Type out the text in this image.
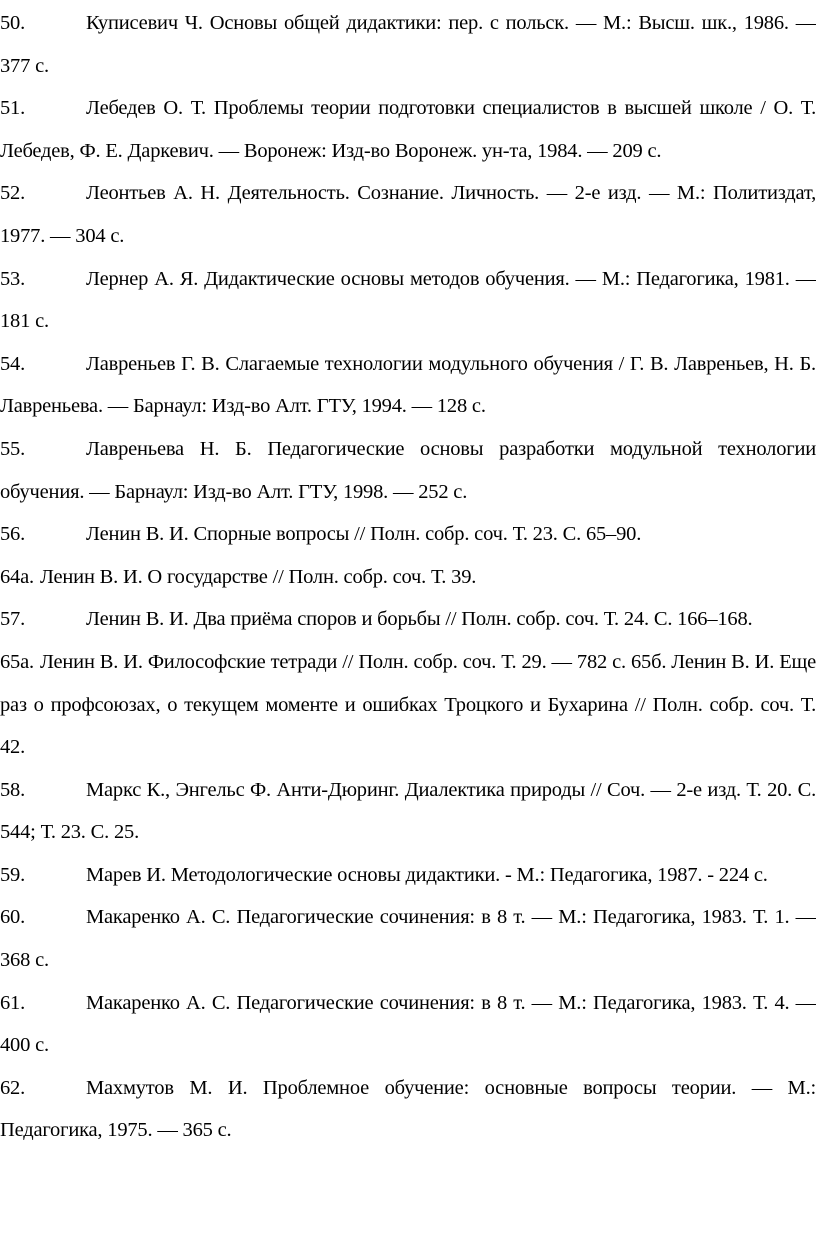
50.	Куписевич Ч. Основы общей дидактики: пер. с польск. — М.: Высш. шк., 1986. — 377 с.

51.	Лебедев О. Т. Проблемы теории подготовки специалистов в высшей школе / О. Т. Лебедев, Ф. Е. Даркевич. — Воронеж: Изд-во Воронеж. ун-та, 1984. — 209 с.

52.	Леонтьев А. Н. Деятельность. Сознание. Личность. — 2-е изд. — М.: Политиздат, 1977. — 304 с.

53.	Лернер А. Я. Дидактические основы методов обучения. — М.: Педагогика, 1981. — 181 с.

54.	Лавреньев Г. В. Слагаемые технологии модульного обучения / Г. В. Лавреньев, Н. Б. Лавреньева. — Барнаул: Изд-во Алт. ГТУ, 1994. — 128 с.

55.	Лавреньева Н. Б. Педагогические основы разработки модульной технологии обучения. — Барнаул: Изд-во Алт. ГТУ, 1998. — 252 с.

56.	Ленин В. И. Спорные вопросы // Полн. собр. соч. Т. 23. С. 65–90.

64а. Ленин В. И. О государстве // Полн. собр. соч. Т. 39.

57.	Ленин В. И. Два приёма споров и борьбы // Полн. собр. соч. Т. 24. С. 166–168.

65а. Ленин В. И. Философские тетради // Полн. собр. соч. Т. 29. — 782 с. 65б. Ленин В. И. Еще раз о профсоюзах, о текущем моменте и ошибках Троцкого и Бухарина // Полн. собр. соч. Т. 42.

58.	Маркс К., Энгельс Ф. Анти-Дюринг. Диалектика природы // Соч. — 2-е изд. Т. 20. С. 544; Т. 23. С. 25.

59.	Марев И. Методологические основы дидактики. - М.: Педагогика, 1987. - 224 с.

60.	Макаренко А. С. Педагогические сочинения: в 8 т. — М.: Педагогика, 1983. Т. 1. — 368 с.

61.	Макаренко А. С. Педагогические сочинения: в 8 т. — М.: Педагогика, 1983. Т. 4. — 400 с.

62.	Махмутов М. И. Проблемное обучение: основные вопросы теории. — М.: Педагогика, 1975. — 365 с.
